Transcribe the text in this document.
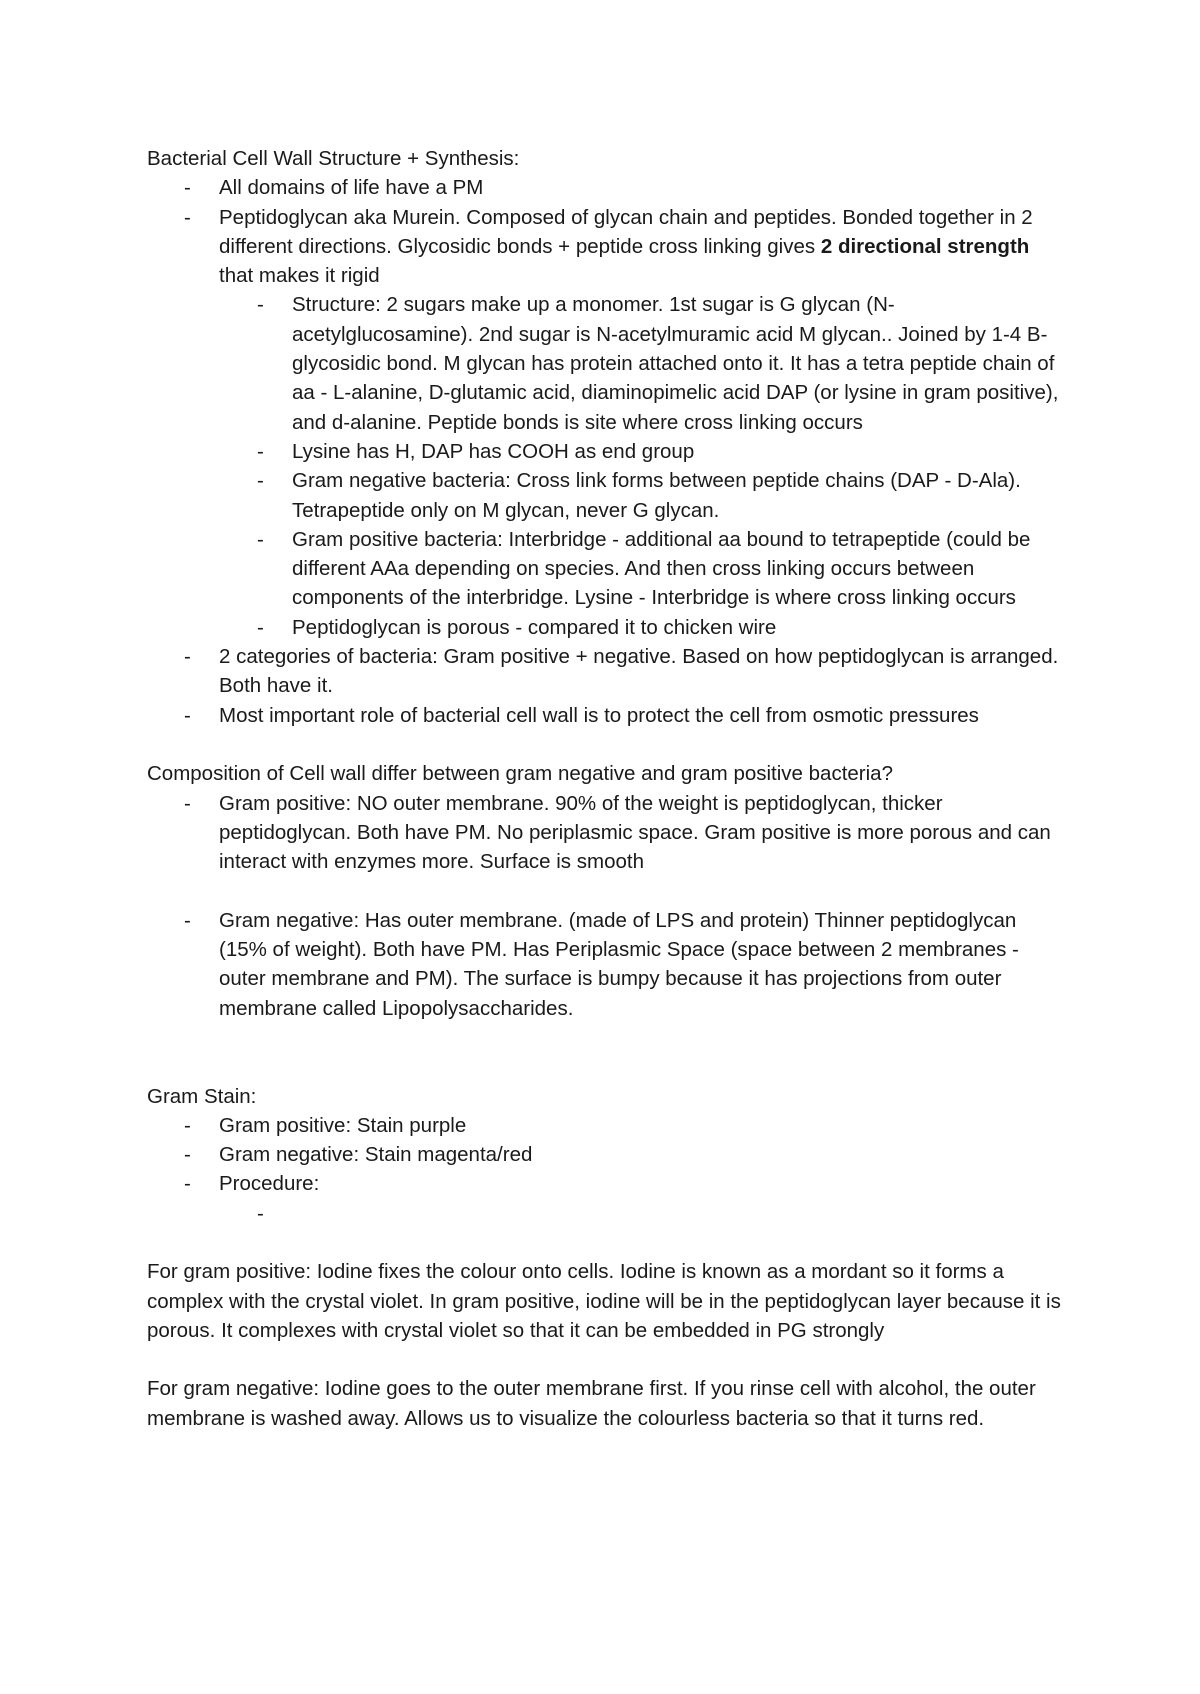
Bacterial Cell Wall Structure + Synthesis:

- All domains of life have a PM
- Peptidoglycan aka Murein. Composed of glycan chain and peptides. Bonded together in 2 different directions. Glycosidic bonds + peptide cross linking gives 2 directional strength that makes it rigid
- Structure: 2 sugars make up a monomer. 1st sugar is G glycan (N-acetylglucosamine). 2nd sugar is N-acetylmuramic acid M glycan.. Joined by 1-4 B-glycosidic bond. M glycan has protein attached onto it. It has a tetra peptide chain of aa - L-alanine, D-glutamic acid, diaminopimelic acid DAP (or lysine in gram positive), and d-alanine. Peptide bonds is site where cross linking occurs
- Lysine has H, DAP has COOH as end group
- Gram negative bacteria: Cross link forms between peptide chains (DAP - D-Ala). Tetrapeptide only on M glycan, never G glycan.
- Gram positive bacteria: Interbridge - additional aa bound to tetrapeptide (could be different AAa depending on species. And then cross linking occurs between components of the interbridge. Lysine - Interbridge is where cross linking occurs
- Peptidoglycan is porous - compared it to chicken wire
- 2 categories of bacteria: Gram positive + negative. Based on how peptidoglycan is arranged. Both have it.
- Most important role of bacterial cell wall is to protect the cell from osmotic pressures

Composition of Cell wall differ between gram negative and gram positive bacteria?

- Gram positive: NO outer membrane. 90% of the weight is peptidoglycan, thicker peptidoglycan. Both have PM. No periplasmic space. Gram positive is more porous and can interact with enzymes more. Surface is smooth
- Gram negative: Has outer membrane. (made of LPS and protein) Thinner peptidoglycan (15% of weight). Both have PM. Has Periplasmic Space (space between 2 membranes - outer membrane and PM). The surface is bumpy because it has projections from outer membrane called Lipopolysaccharides.

Gram Stain:

- Gram positive: Stain purple
- Gram negative: Stain magenta/red
- Procedure:
-

For gram positive: Iodine fixes the colour onto cells. Iodine is known as a mordant so it forms a complex with the crystal violet. In gram positive, iodine will be in the peptidoglycan layer because it is porous. It complexes with crystal violet so that it can be embedded in PG strongly

For gram negative: Iodine goes to the outer membrane first. If you rinse cell with alcohol, the outer membrane is washed away. Allows us to visualize the colourless bacteria so that it turns red.
